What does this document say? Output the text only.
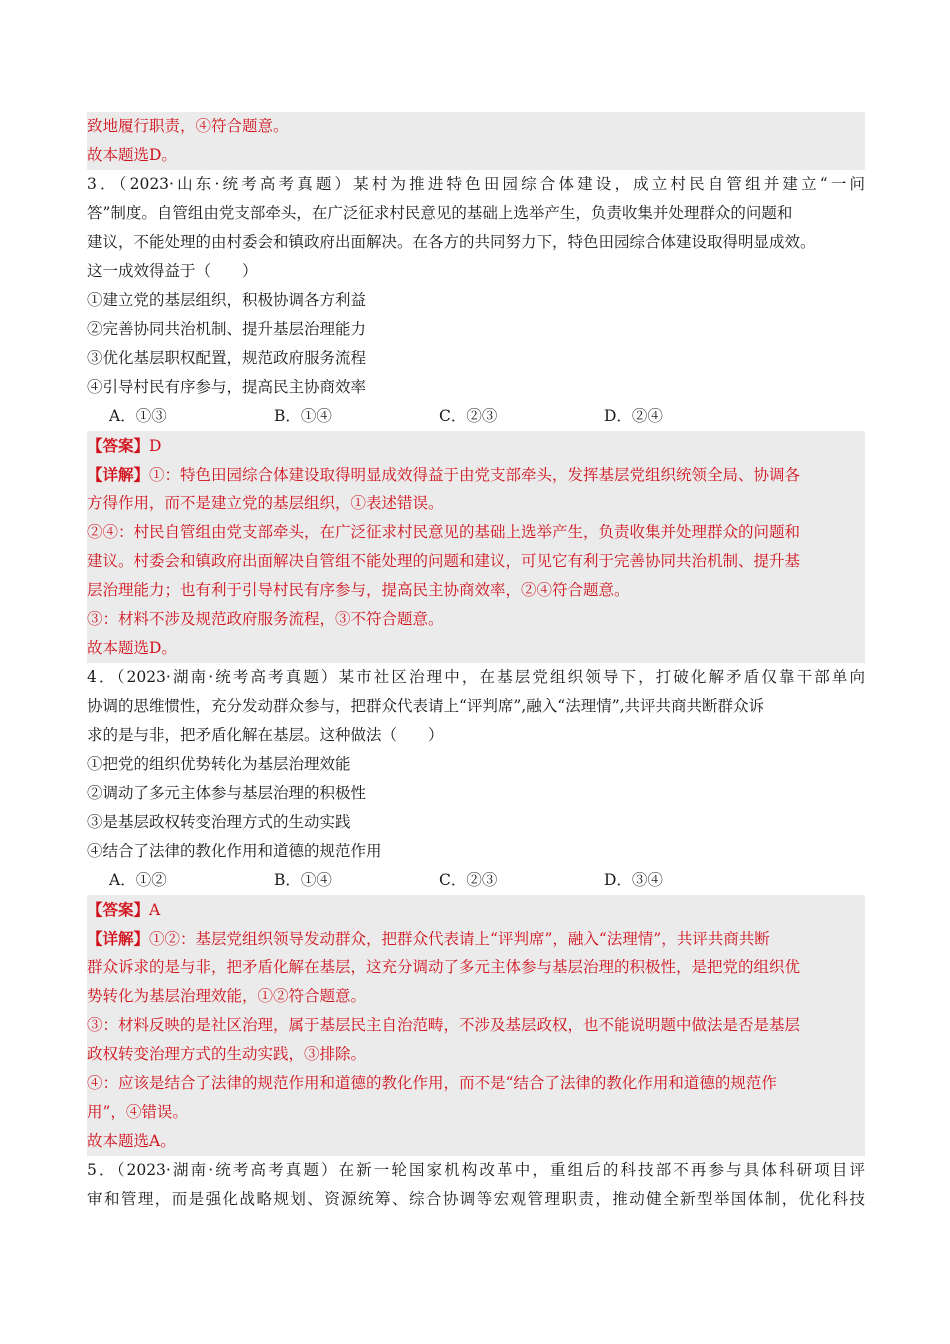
致地履行职责，④符合题意。
故本题选D。
3．（2023·山东·统考高考真题）某村为推进特色田园综合体建设，成立村民自管组并建立“一问
答”制度。自管组由党支部牵头，在广泛征求村民意见的基础上选举产生，负责收集并处理群众的问题和
建议，不能处理的由村委会和镇政府出面解决。在各方的共同努力下，特色田园综合体建设取得明显成效。
这一成效得益于（　　）
①建立党的基层组织，积极协调各方利益
②完善协同共治机制、提升基层治理能力
③优化基层职权配置，规范政府服务流程
④引导村民有序参与，提高民主协商效率
A．①③	B．①④	C．②③	D．②④
【答案】D
【详解】①：特色田园综合体建设取得明显成效得益于由党支部牵头，发挥基层党组织统领全局、协调各
方得作用，而不是建立党的基层组织，①表述错误。
②④：村民自管组由党支部牵头，在广泛征求村民意见的基础上选举产生，负责收集并处理群众的问题和
建议。村委会和镇政府出面解决自管组不能处理的问题和建议，可见它有利于完善协同共治机制、提升基
层治理能力；也有利于引导村民有序参与，提高民主协商效率，②④符合题意。
③：材料不涉及规范政府服务流程，③不符合题意。
故本题选D。
4．（2023·湖南·统考高考真题）某市社区治理中，在基层党组织领导下，打破化解矛盾仅靠干部单向
协调的思维惯性，充分发动群众参与，把群众代表请上“评判席”,融入“法理情”,共评共商共断群众诉
求的是与非，把矛盾化解在基层。这种做法（　　）
①把党的组织优势转化为基层治理效能
②调动了多元主体参与基层治理的积极性
③是基层政权转变治理方式的生动实践
④结合了法律的教化作用和道德的规范作用
A．①②	B．①④	C．②③	D．③④
【答案】A
【详解】①②：基层党组织领导发动群众，把群众代表请上“评判席”，融入“法理情”，共评共商共断
群众诉求的是与非，把矛盾化解在基层，这充分调动了多元主体参与基层治理的积极性，是把党的组织优
势转化为基层治理效能，①②符合题意。
③：材料反映的是社区治理，属于基层民主自治范畴，不涉及基层政权，也不能说明题中做法是否是基层
政权转变治理方式的生动实践，③排除。
④：应该是结合了法律的规范作用和道德的教化作用，而不是“结合了法律的教化作用和道德的规范作
用”，④错误。
故本题选A。
5．（2023·湖南·统考高考真题）在新一轮国家机构改革中，重组后的科技部不再参与具体科研项目评
审和管理，而是强化战略规划、资源统筹、综合协调等宏观管理职责，推动健全新型举国体制，优化科技
